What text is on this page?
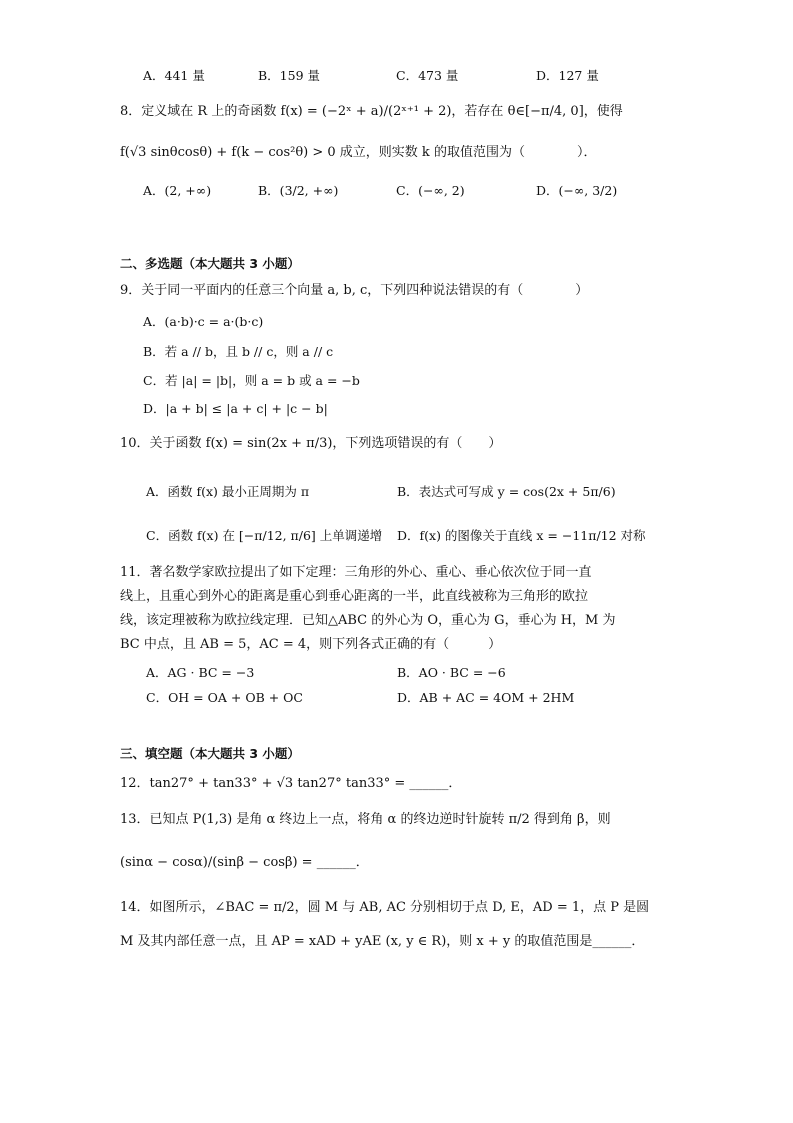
A．441 量	B．159 量	C．473 量	D．127 量
8．定义域在 R 上的奇函数 f(x) = (−2ˣ + a)/(2ˣ⁺¹ + 2)，若存在 θ∈[−π/4, 0]，使得
f(√3 sinθcosθ) + f(k − cos²θ) > 0 成立，则实数 k 的取值范围为（　　　　）．
A．(2, +∞)	B．(3/2, +∞)	C．(−∞, 2)	D．(−∞, 3/2)
二、多选题（本大题共 3 小题）
9．关于同一平面内的任意三个向量 a, b, c，下列四种说法错误的有（　　　　）
A．(a·b)·c = a·(b·c)
B．若 a // b，且 b // c，则 a // c
C．若 |a| = |b|，则 a = b 或 a = −b
D．|a + b| ≤ |a + c| + |c − b|
10．关于函数 f(x) = sin(2x + π/3)，下列选项错误的有（　　）
A．函数 f(x) 最小正周期为 π	B．表达式可写成 y = cos(2x + 5π/6)
C．函数 f(x) 在 [−π/12, π/6] 上单调递增 D．f(x) 的图像关于直线 x = −11π/12 对称
11．著名数学家欧拉提出了如下定理：三角形的外心、重心、垂心依次位于同一直
线上，且重心到外心的距离是重心到垂心距离的一半，此直线被称为三角形的欧拉
线，该定理被称为欧拉线定理．已知△ABC 的外心为 O，重心为 G，垂心为 H，M 为
BC 中点，且 AB = 5，AC = 4，则下列各式正确的有（　　　）
A．AG · BC = −3	B．AO · BC = −6
C．OH = OA + OB + OC	D．AB + AC = 4OM + 2HM
三、填空题（本大题共 3 小题）
12．tan27° + tan33° + √3 tan27° tan33° = ______．
13．已知点 P(1,3) 是角 α 终边上一点，将角 α 的终边逆时针旋转 π/2 得到角 β，则
(sinα − cosα)/(sinβ − cosβ) = ______．
14．如图所示，∠BAC = π/2，圆 M 与 AB, AC 分别相切于点 D, E，AD = 1，点 P 是圆
M 及其内部任意一点，且 AP = xAD + yAE (x, y ∈ R)，则 x + y 的取值范围是______．
